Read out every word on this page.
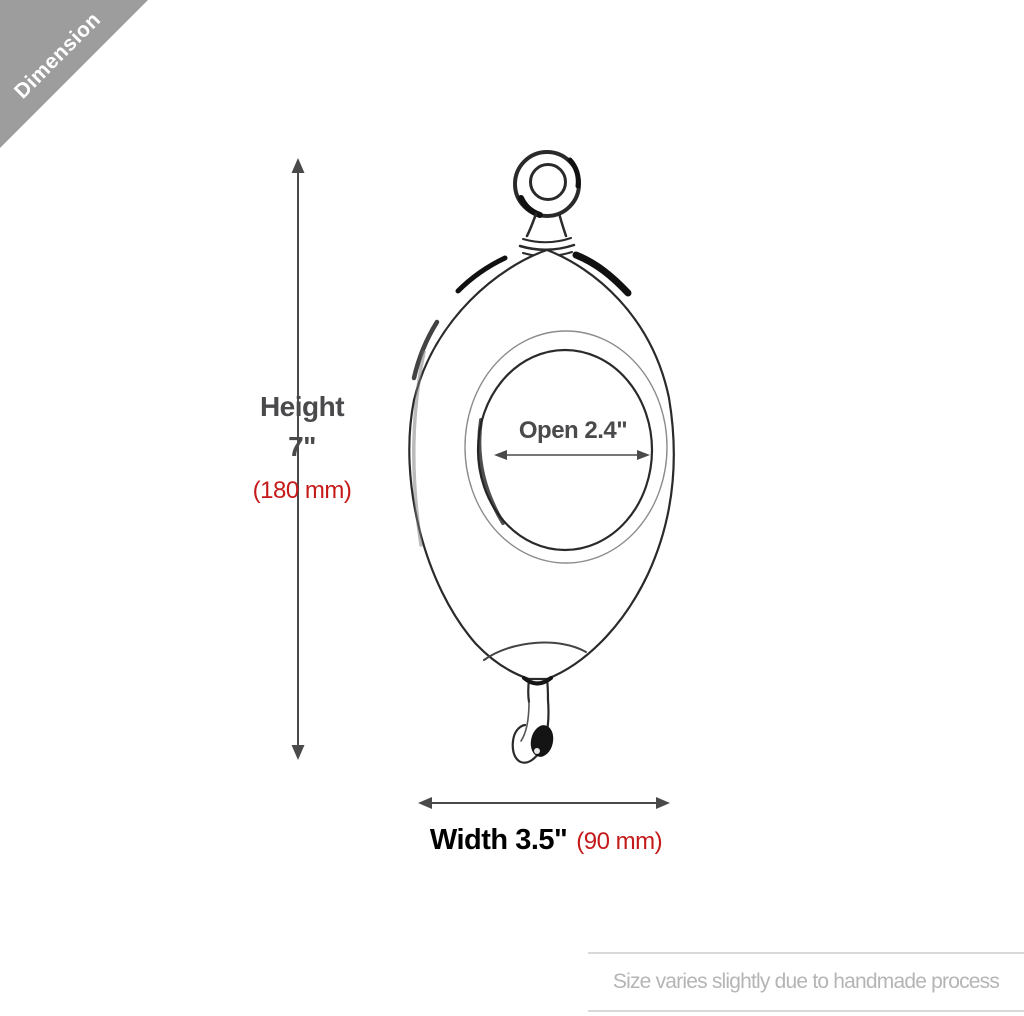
Dimension
Height
7"
(180 mm)
Open 2.4"
Width 3.5" (90 mm)
Size varies slightly due to handmade process
